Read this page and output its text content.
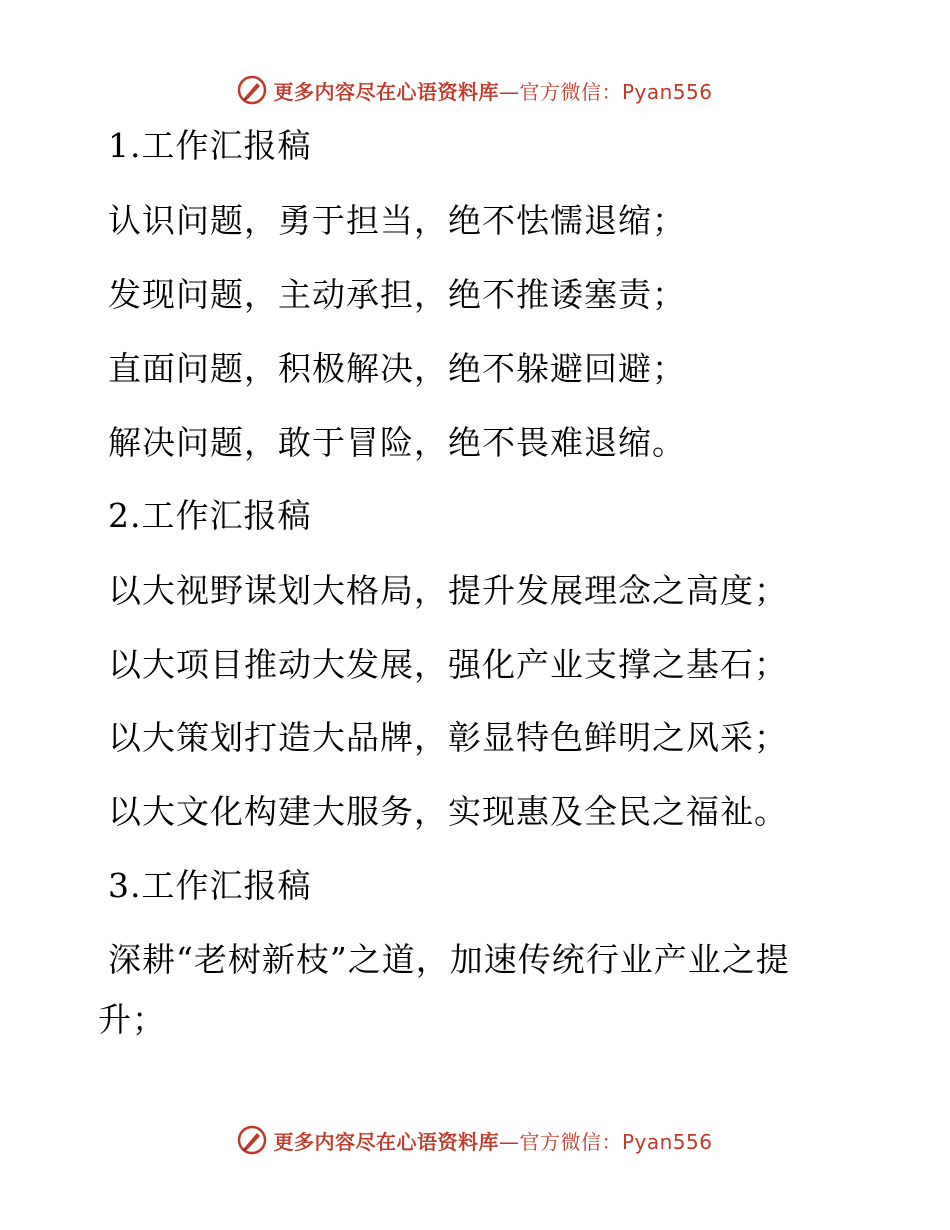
更多内容尽在心语资料库—官方微信：Pyan556
1.工作汇报稿
认识问题，勇于担当，绝不怯懦退缩；
发现问题，主动承担，绝不推诿塞责；
直面问题，积极解决，绝不躲避回避；
解决问题，敢于冒险，绝不畏难退缩。
2.工作汇报稿
以大视野谋划大格局，提升发展理念之高度；
以大项目推动大发展，强化产业支撑之基石；
以大策划打造大品牌，彰显特色鲜明之风采；
以大文化构建大服务，实现惠及全民之福祉。
3.工作汇报稿
深耕“老树新枝”之道，加速传统行业产业之提
升；
更多内容尽在心语资料库—官方微信：Pyan556
